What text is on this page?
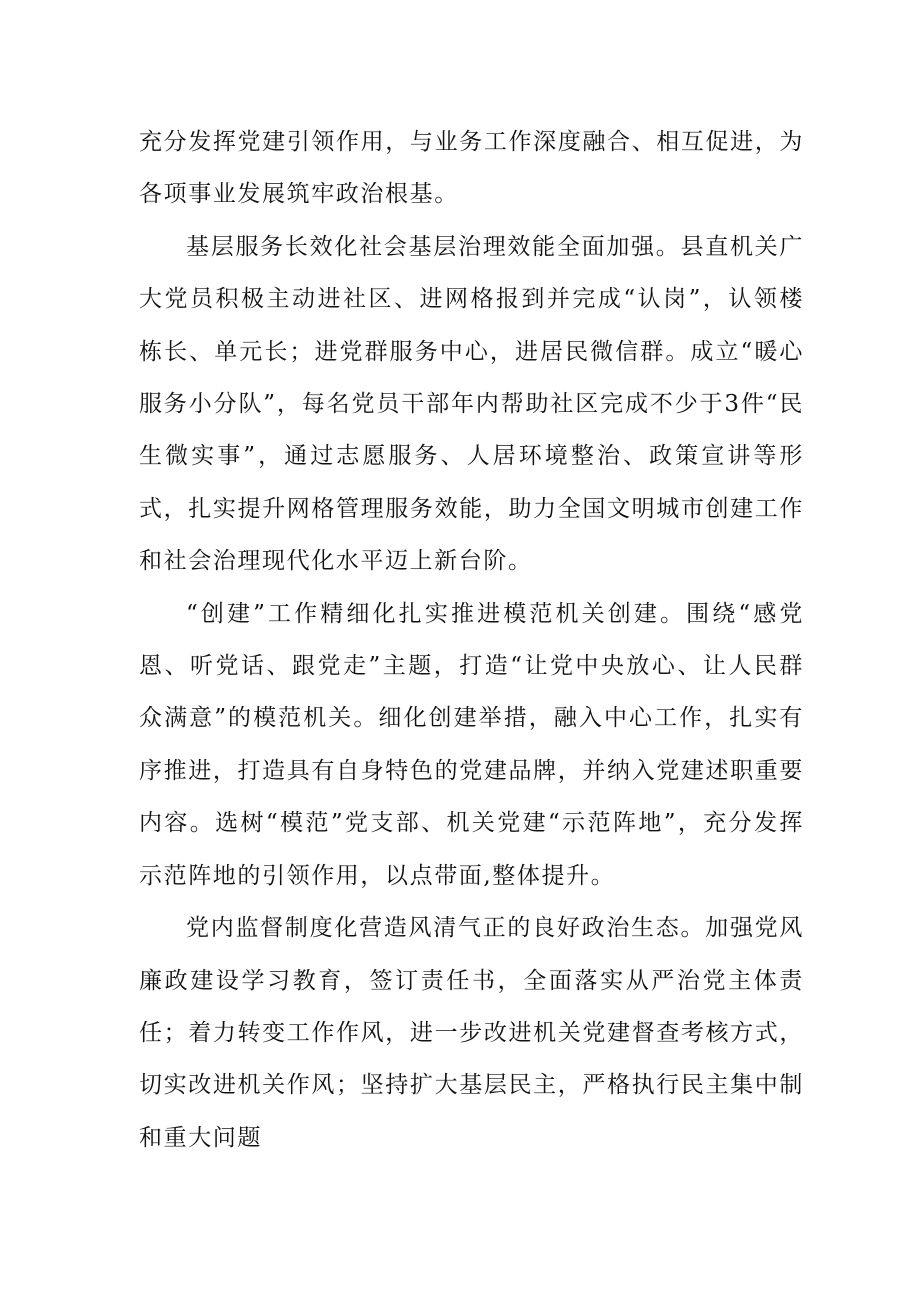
充分发挥党建引领作用，与业务工作深度融合、相互促进，为各项事业发展筑牢政治根基。

基层服务长效化社会基层治理效能全面加强。县直机关广大党员积极主动进社区、进网格报到并完成“认岗”，认领楼栋长、单元长；进党群服务中心，进居民微信群。成立“暖心服务小分队”，每名党员干部年内帮助社区完成不少于3件“民生微实事”，通过志愿服务、人居环境整治、政策宣讲等形式，扎实提升网格管理服务效能，助力全国文明城市创建工作和社会治理现代化水平迈上新台阶。

“创建”工作精细化扎实推进模范机关创建。围绕“感党恩、听党话、跟党走”主题，打造“让党中央放心、让人民群众满意”的模范机关。细化创建举措，融入中心工作，扎实有序推进，打造具有自身特色的党建品牌，并纳入党建述职重要内容。选树“模范”党支部、机关党建“示范阵地”，充分发挥示范阵地的引领作用，以点带面,整体提升。

党内监督制度化营造风清气正的良好政治生态。加强党风廉政建设学习教育，签订责任书，全面落实从严治党主体责任；着力转变工作作风，进一步改进机关党建督查考核方式，切实改进机关作风；坚持扩大基层民主，严格执行民主集中制和重大问题
